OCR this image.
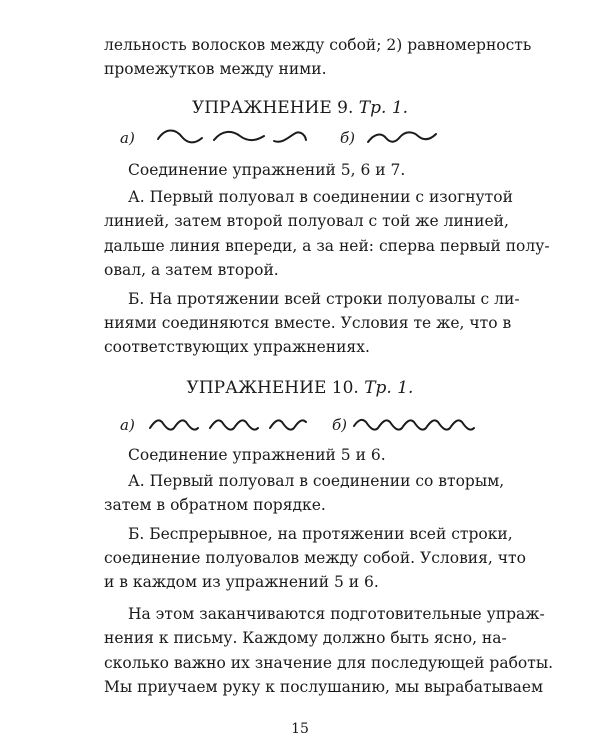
лельность волосков между собой; 2) равномерность
промежутков между ними.
УПРАЖНЕНИЕ 9. Тр. 1.
а)	б)
Соединение упражнений 5, 6 и 7.
А. Первый полуовал в соединении с изогнутой
линией, затем второй полуовал с той же линией,
дальше линия впереди, а за ней: сперва первый полу-
овал, а затем второй.
Б. На протяжении всей строки полуовалы с ли-
ниями соединяются вместе. Условия те же, что в
соответствующих упражнениях.
УПРАЖНЕНИЕ 10. Тр. 1.
а)	б)
Соединение упражнений 5 и 6.
А. Первый полуовал в соединении со вторым,
затем в обратном порядке.
Б. Беспрерывное, на протяжении всей строки,
соединение полуовалов между собой. Условия, что
и в каждом из упражнений 5 и 6.
На этом заканчиваются подготовительные упраж-
нения к письму. Каждому должно быть ясно, на-
сколько важно их значение для последующей работы.
Мы приучаем руку к послушанию, мы вырабатываем
15
